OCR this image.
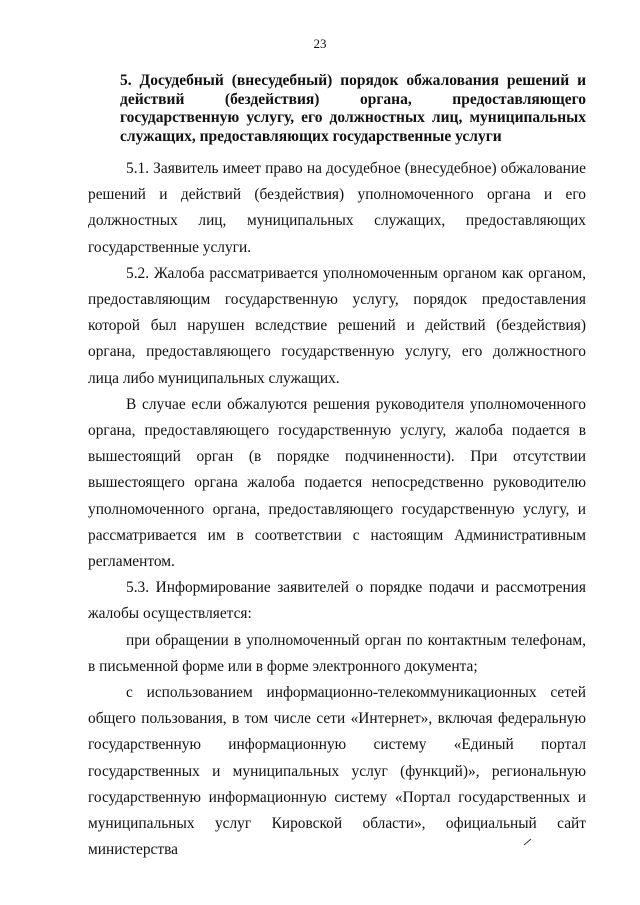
23

5. Досудебный (внесудебный) порядок обжалования решений и действий (бездействия) органа, предоставляющего государственную услугу, его должностных лиц, муниципальных служащих, предоставляющих государственные услуги

5.1. Заявитель имеет право на досудебное (внесудебное) обжалование решений и действий (бездействия) уполномоченного органа и его должностных лиц, муниципальных служащих, предоставляющих государственные услуги.

5.2. Жалоба рассматривается уполномоченным органом как органом, предоставляющим государственную услугу, порядок предоставления которой был нарушен вследствие решений и действий (бездействия) органа, предоставляющего государственную услугу, его должностного лица либо муниципальных служащих.

В случае если обжалуются решения руководителя уполномоченного органа, предоставляющего государственную услугу, жалоба подается в вышестоящий орган (в порядке подчиненности). При отсутствии вышестоящего органа жалоба подается непосредственно руководителю уполномоченного органа, предоставляющего государственную услугу, и рассматривается им в соответствии с настоящим Административным регламентом.

5.3. Информирование заявителей о порядке подачи и рассмотрения жалобы осуществляется:

при обращении в уполномоченный орган по контактным телефонам, в письменной форме или в форме электронного документа;

с использованием информационно-телекоммуникационных сетей общего пользования, в том числе сети «Интернет», включая федеральную государственную информационную систему «Единый портал государственных и муниципальных услуг (функций)», региональную государственную информационную систему «Портал государственных и муниципальных услуг Кировской области», официальный сайт министерства
